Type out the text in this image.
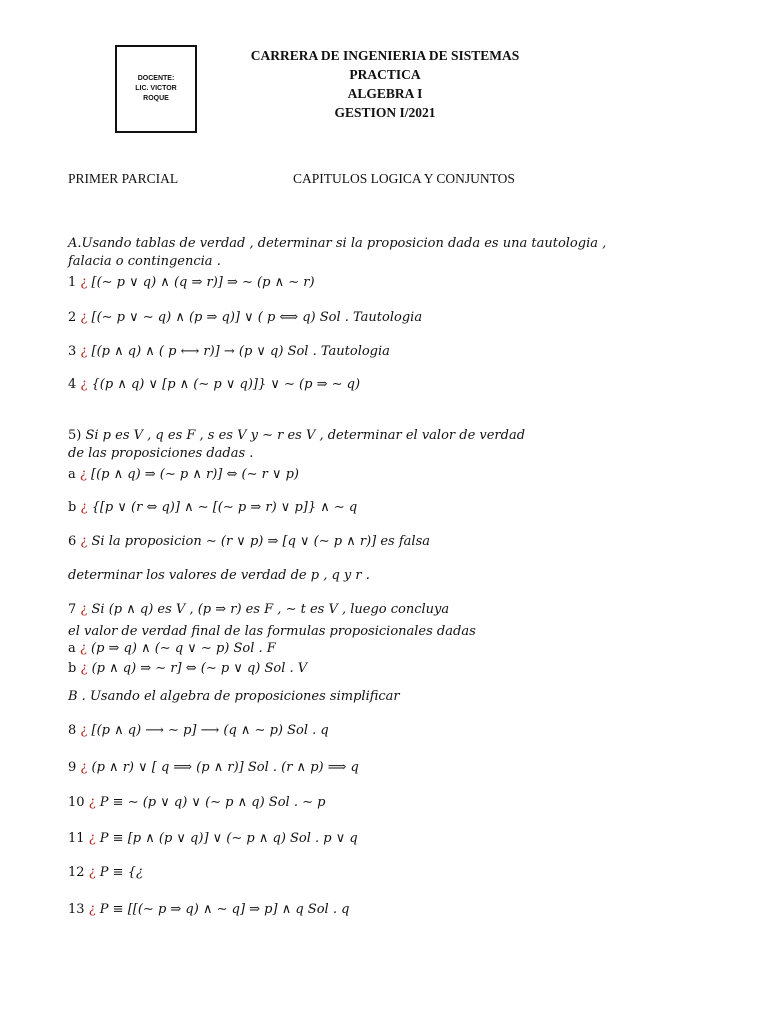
DOCENTE:
LIC. VICTOR
ROQUE
CARRERA DE INGENIERIA DE SISTEMAS
PRACTICA
ALGEBRA I
GESTION I/2021
PRIMER PARCIAL	CAPITULOS LOGICA Y CONJUNTOS
A.Usando tablas de verdad , determinar si la proposicion dada es una tautologia ,
falacia o contingencia .
1 ¿ [(∼ p ∨ q) ∧ (q ⇒ r)] ⇒ ∼ (p ∧ ∼ r)
2 ¿ [(∼ p ∨ ∼ q) ∧ (p ⇒ q)] ∨ ( p ⟺ q) Sol . Tautologia
3 ¿ [(p ∧ q) ∧ ( p ⟷ r)] → (p ∨ q) Sol . Tautologia
4 ¿ {(p ∧ q) ∨ [p ∧ (∼ p ∨ q)]} ∨ ∼ (p ⇒ ∼ q)
5) Si p es V , q es F , s es V y ∼ r es V , determinar el valor de verdad
de las proposiciones dadas .
a ¿ [(p ∧ q) ⇒ (∼ p ∧ r)] ⇔ (∼ r ∨ p)
b ¿ {[p ∨ (r ⇔ q)] ∧ ∼ [(∼ p ⇒ r) ∨ p]} ∧ ∼ q
6 ¿ Si la proposicion ∼ (r ∨ p) ⇒ [q ∨ (∼ p ∧ r)] es falsa
determinar los valores de verdad de p , q y r .
7 ¿ Si (p ∧ q) es V , (p ⇒ r) es F , ∼ t es V , luego concluya
el valor de verdad final de las formulas proposicionales dadas
a ¿ (p ⇒ q) ∧ (∼ q ∨ ∼ p) Sol . F
b ¿ (p ∧ q) ⇒ ∼ r] ⇔ (∼ p ∨ q) Sol . V
B . Usando el algebra de proposiciones simplificar
8 ¿ [(p ∧ q) ⟶ ∼ p] ⟶ (q ∧ ∼ p) Sol . q
9 ¿ (p ∧ r) ∨ [ q ⟹ (p ∧ r)] Sol . (r ∧ p) ⟹ q
10 ¿ P ≡ ∼ (p ∨ q) ∨ (∼ p ∧ q) Sol . ∼ p
11 ¿ P ≡ [p ∧ (p ∨ q)] ∨ (∼ p ∧ q) Sol . p ∨ q
12 ¿ P ≡ {¿
13 ¿ P ≡ [[(∼ p ⇒ q) ∧ ∼ q] ⇒ p] ∧ q Sol . q
